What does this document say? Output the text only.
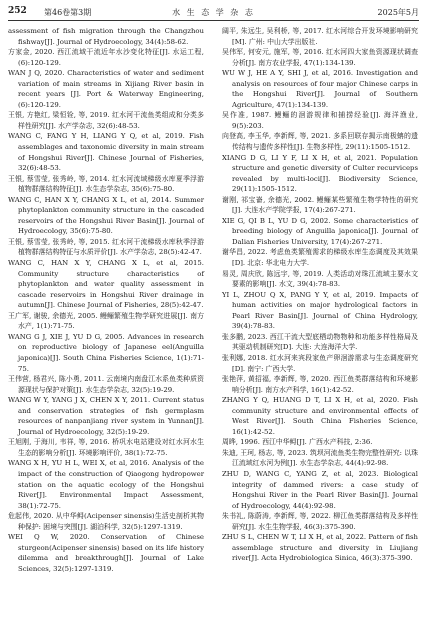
252 第46卷第3期	水 生 态 学 杂 志	2025年5月
assessment of fish migration through the Changzhou fishway[J]. Journal of Hydroecology, 34(4):58-62.
方家金, 2020. 西江流域干流近年水沙变化特征[J]. 水运工程, (6):120-129.
WAN J Q, 2020. Characteristics of water and sediment variation of main streams in Xijiang River basin in recent years [J]. Port & Waterway Engineering, (6):120-129.
王银, 方艳红, 梁恒铨, 等, 2019. 红水河干流鱼类组成和分类多样性研究[J]. 水产学杂志, 32(6):48-53.
WANG C, FANG Y H, LIANG Y Q, et al, 2019. Fish assemblages and taxonomic diversity in main stream of Hongshui River[J]. Chinese Journal of Fisheries, 32(6):48-53.
王银, 蔡雪莹, 张秀岭, 等, 2014. 红水河流域梯级水库夏季浮游植物群落结构特征[J]. 水生态学杂志, 35(6):75-80.
WANG C, HAN X Y, CHANG X L, et al, 2014. Summer phytoplankton community structure in the cascaded reservoirs of the Hongshui River Basin[J]. Journal of Hydroecology, 35(6):75-80.
王银, 蔡雪莹, 张秀岭, 等, 2015. 红水河干流梯级水库秋季浮游植物群落结构特征与水质评价[J]. 水产学杂志, 28(5):42-47.
WANG C, HAN X Y, CHANG X L, et al, 2015. Community structure characteristics of phytoplankton and water quality assessment in cascade reservoirs in Hongshui River drainage in autumn[J]. Chinese Journal of Fisheries, 28(5):42-47.
王广军, 谢骏, 余德光, 2005. 鳗鲡繁殖生物学研究进展[J]. 南方水产, 1(1):71-75.
WANG G J, XIE J, YU D G, 2005. Advances in research on reproductive biology of Japanese eel(Anguilla japonica)[J]. South China Fisheries Science, 1(1):71-75.
王伟营, 杨君兴, 陈小勇, 2011. 云南境内南盘江水系鱼类种质资源现状与保护对策[J]. 水生态学杂志, 32(5):19-29.
WANG W Y, YANG J X, CHEN X Y, 2011. Current status and conservation strategies of fish germplasm resources of nanpanjiang river system in Yunnan[J]. Journal of Hydroecology, 32(5):19-29.
王旭刚, 于海川, 韦祥, 等, 2016. 桥巩水电站建设对红水河水生生态的影响分析[J]. 环境影响评价, 38(1):72-75.
WANG X H, YU H L, WEI X, et al, 2016. Analysis of the impact of the construction of Qiaogong hydropower station on the aquatic ecology of the Hongshui River[J]. Environmental Impact Assessment, 38(1):72-75.
危起伟, 2020. 从中华鲟(Acipenser sinensis)生活史剖析其物种保护: 困境与突围[J]. 湖泊科学, 32(5):1297-1319.
WEI Q W, 2020. Conservation of Chinese sturgeon(Acipenser sinensis) based on its life history dilemma and breakthrough[J]. Journal of Lake Sciences, 32(5):1297-1319.
阔平, 朱远生, 吴利桥, 等, 2017. 红水河综合开发环境影响研究[M]. 广州: 中山大学出版社.
吴伟军, 何安元, 施军, 等, 2016. 红水河四大家鱼资源现状调查分析[J]. 南方农业学报, 47(1):134-139.
WU W J, HE A Y, SHI J, et al, 2016. Investigation and analysis on resources of four major Chinese carps in the Hongshui River[J]. Journal of Southern Agriculture, 47(1):134-139.
吴作准, 1987. 鳗鲡的洄游规律和捕捞经验[J]. 海洋渔业, 9(5):203.
向登高, 李玉华, 李新辉, 等, 2021. 多系回联存揭示南极蚺的遗传结构与遗传多样性[J]. 生物多样性, 29(11):1505-1512.
XIANG D G, LI Y F, LI X H, et al, 2021. Population structure and genetic diversity of Culter recurviceps revealed by multi-loci[J]. Biodiversity Science, 29(11):1505-1512.
谢刚, 祁宝崙, 余德光, 2002. 鳗鲡某些繁殖生物学特性的研究[J]. 大连水产学院学报, 17(4):267-271.
XIE G, QI B L, YU D G, 2002. Some characteristics of breeding biology of Anguilla japonica[J]. Journal of Dalian Fisheries University, 17(4):267-271.
谢华昌, 2022. 考虑鱼类繁殖需求的梯级水库生态调度及其效果[D]. 北京: 华北电力大学.
易灵, 周庆欣, 陈远宇, 等, 2019. 人类活动对珠江流域主要水文要素的影响[J]. 水文, 39(4):78-83.
YI L, ZHOU Q X, PANG Y Y, et al, 2019. Impacts of human activities on major hydrological factors in Pearl River Basin[J]. Journal of China Hydrology, 39(4):78-83.
张多鹏, 2023. 西江干流大型底栖动物物种和功能多样性格局及其驱动机制研究[D]. 大连: 大连海洋大学.
张利娜, 2018. 红水河来宾段家鱼产卵洄游需求与生态调度研究[D]. 南宁: 广西大学.
张艳萍, 黄招福, 李新辉, 等, 2020. 西江鱼类群落结构和环境影响分析[J]. 南方水产科学, 16(1):42-52.
ZHANG Y Q, HUANG D T, LI X H, et al, 2020. Fish community structure and environmental effects of West River[J]. South China Fisheries Science, 16(1):42-52.
周晔, 1996. 西江中华鲟[J]. 广西水产科技, 2:36.
朱迪, 王珂, 杨志, 等, 2023. 筑坝河流鱼类生物完整性研究: 以珠江流域红水河为例[J]. 水生态学杂志, 44(4):92-98.
ZHU D, WANG C, YANG Z, et al, 2023. Biological integrity of dammed rivers: a case study of Hongshui River in the Pearl River Basin[J]. Journal of Hydroecology, 44(4):92-98.
朱书礼, 陈蔚涛, 李新辉, 等, 2022. 柳江鱼类群落结构及多样性研究[J]. 水生生物学报, 46(3):375-390.
ZHU S L, CHEN W T, LI X H, et al, 2022. Pattern of fish assemblage structure and diversity in Liujiang river[J]. Acta Hydrobiologica Sinica, 46(3):375-390.
